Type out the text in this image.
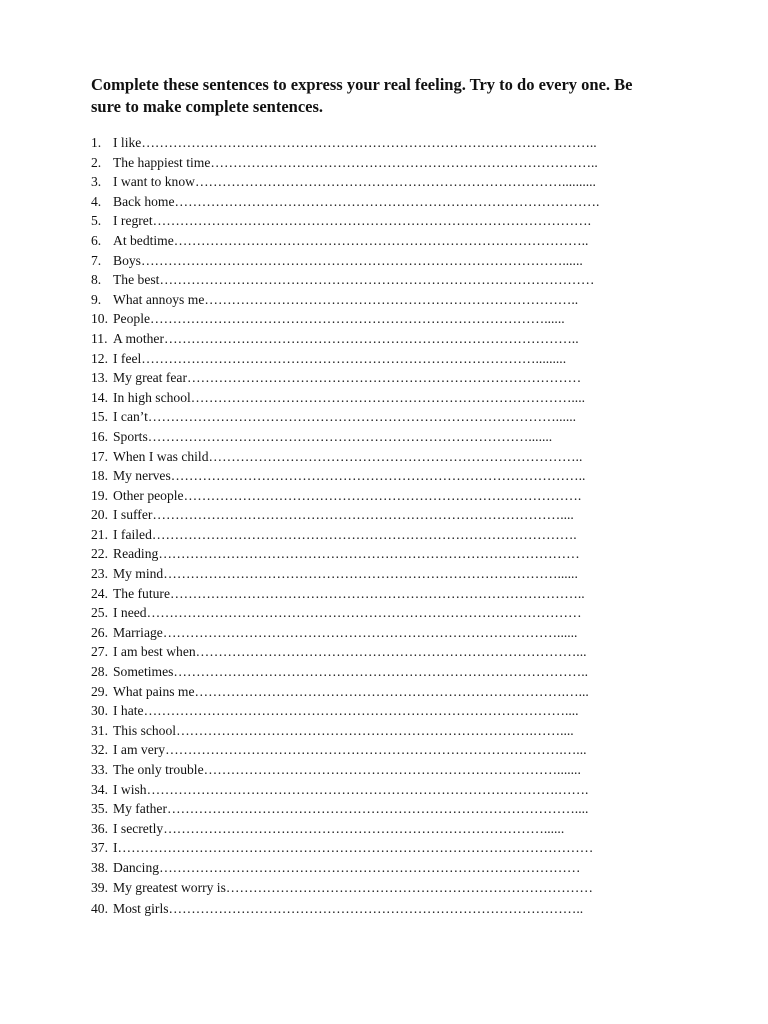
Complete these sentences to express your real feeling. Try to do every one. Be sure to make complete sentences.

1. I like ………………………………………………………………………………………..
2. The happiest time …………………………………………………………………………..
3. I want to know ………………………………………………………………………..........
4. Back home ………………………………………………………………………………….
5. I regret …………………………………………………………………………………….
6. At bedtime ………………………………………………………………………………..
7. Boys …………………………………………………………………………………......
8. The best ……………………………………………………………………………………
9. What annoys me ………………………………………………………………………..
10. People ……………………………………………………………………………......
11. A mother ………………………………………………………………………………..
12. I feel …………………………………………………………………………….........
13. My great fear ……………………………………………………………………………
14. In high school …………………………………………………………………………....
15. I can’t ………………………………………………………………………………......
16. Sports ………………………………………………………………………….......
17. When I was child ………………………………………………………………………..
18. My nerves ………………………………………………………………………………..
19. Other people …………………………………………………………………………….
20. I suffer ………………………………………………………………………………....
21. I failed ………………………………………………………………………………….
22. Reading …………………………………………………………………………………
23. My mind ……………………………………………………………………………......
24. The future ………………………………………………………………………………..
25. I need ……………………………………………………………………………………
26. Marriage ……………………………………………………………………………......
27. I am best when …………………………………………………………………………...
28. Sometimes ………………………………………………………………………………..
29. What pains me ……………………………………………………………………….…...
30. I hate …………………………………………………………………………………....
31. This school …………………………………………………………………….……....
32. I am very …………………………………………………………………………….…...
33. The only trouble …………………………………………………………………….......
34. I wish ……………………………………………………………………………….…….
35. My father ………………………………………………………………………………....
36. I secretly …………………………………………………………………………......
37. I ……………………………………………………………………………………………
38. Dancing …………………………………………………………………………………
39. My greatest worry is ………………………………………………………………………
40. Most girls ………………………………………………………………………………..
